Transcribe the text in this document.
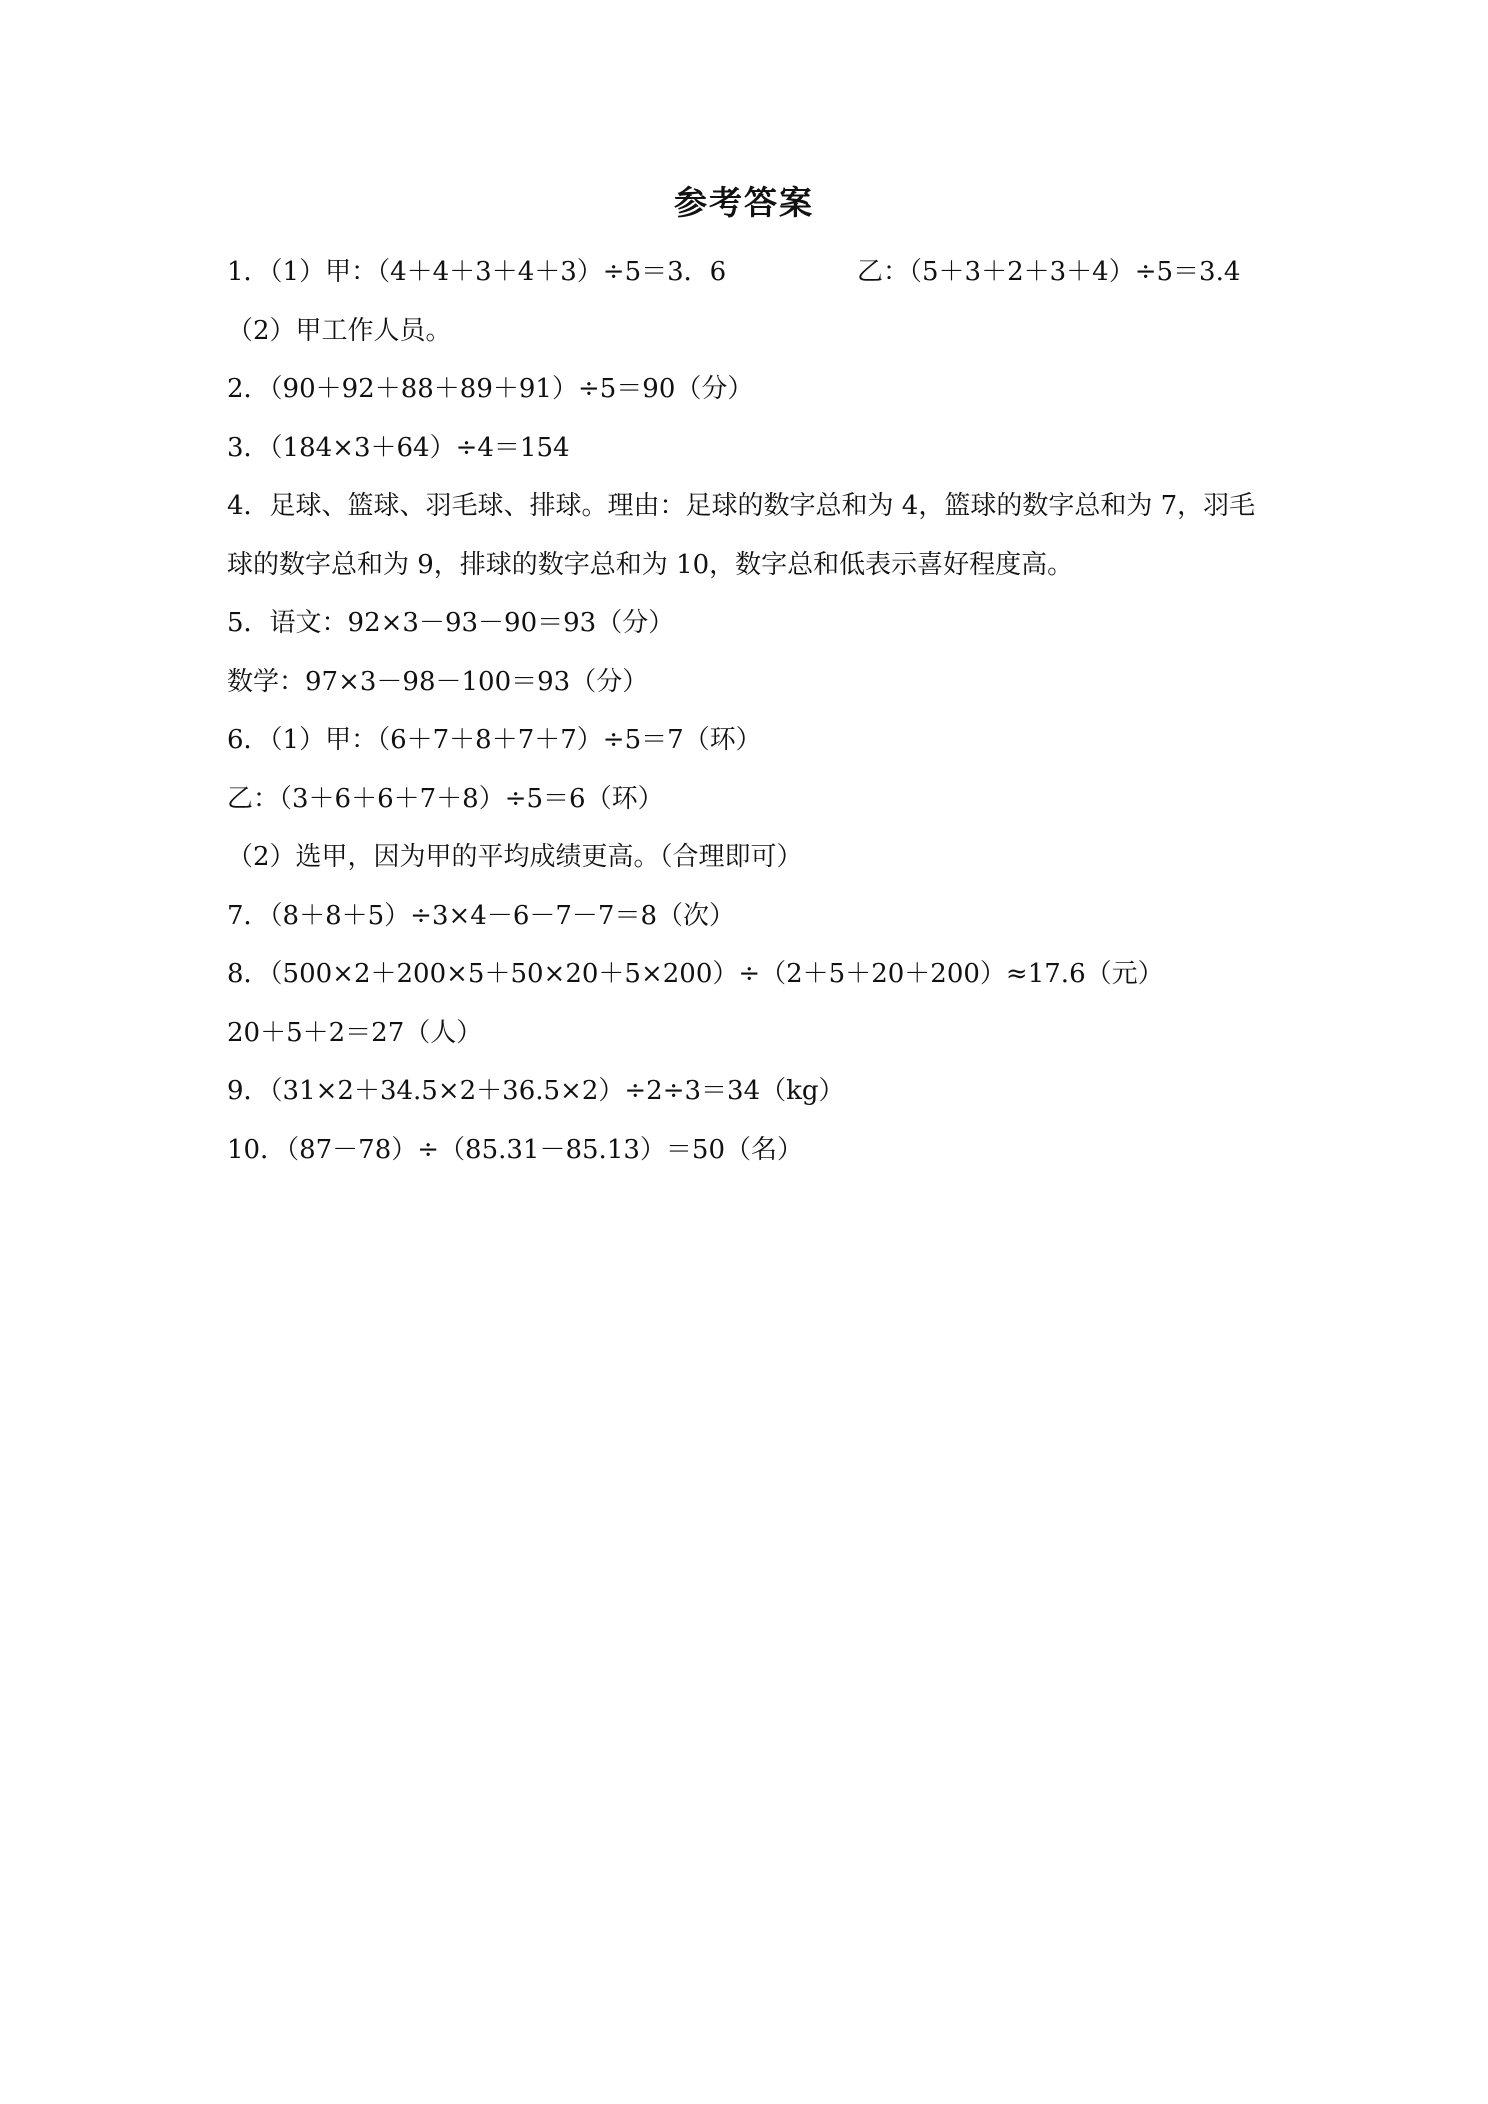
参考答案
1．（1）甲：（4＋4＋3＋4＋3）÷5＝3．6	乙：（5＋3＋2＋3＋4）÷5＝3.4
（2）甲工作人员。
2．（90＋92＋88＋89＋91）÷5＝90（分）
3．（184×3＋64）÷4＝154
4．足球、篮球、羽毛球、排球。理由：足球的数字总和为 4，篮球的数字总和为 7，羽毛球的数字总和为 9，排球的数字总和为 10，数字总和低表示喜好程度高。
5．语文：92×3－93－90＝93（分）
数学：97×3－98－100＝93（分）
6．（1）甲：（6＋7＋8＋7＋7）÷5＝7（环）
乙：（3＋6＋6＋7＋8）÷5＝6（环）
（2）选甲，因为甲的平均成绩更高。（合理即可）
7．（8＋8＋5）÷3×4－6－7－7＝8（次）
8．（500×2＋200×5＋50×20＋5×200）÷（2＋5＋20＋200）≈17.6（元）
20＋5＋2＝27（人）
9．（31×2＋34.5×2＋36.5×2）÷2÷3＝34（kg）
10．（87－78）÷（85.31－85.13）＝50（名）
